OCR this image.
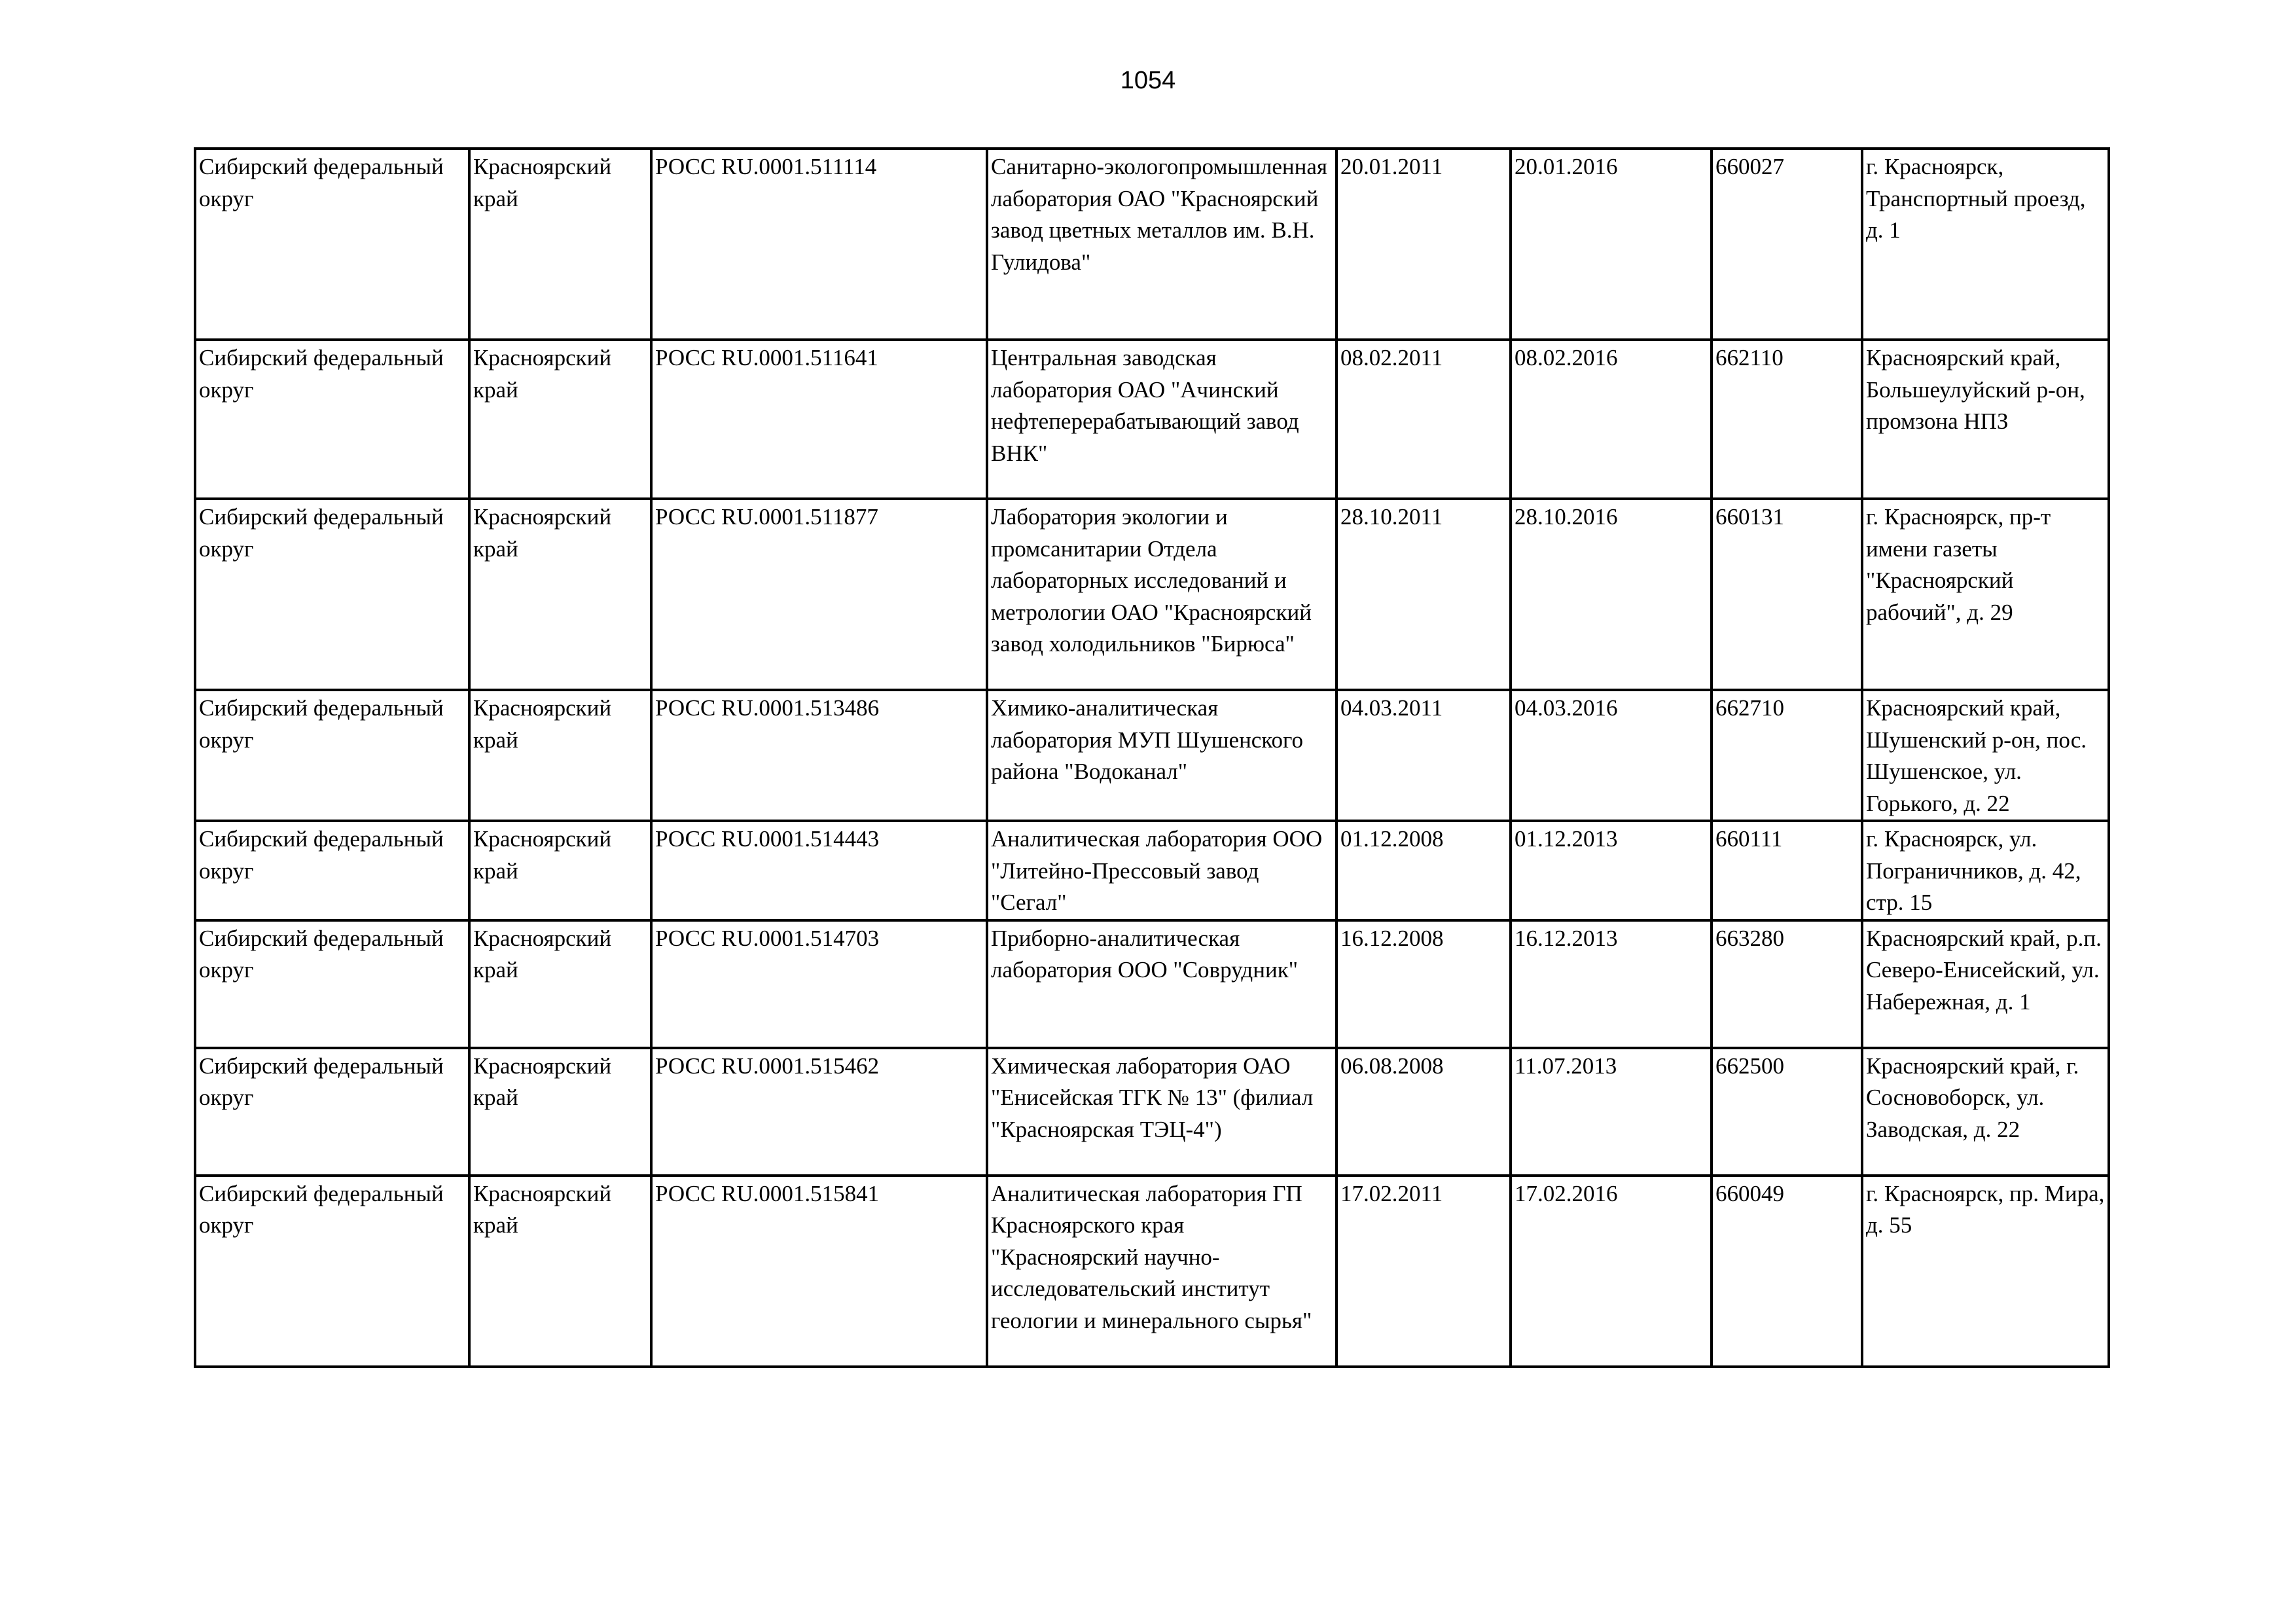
1054
Сибирский федеральный округ	Красноярский край	РОСС RU.0001.511114	Санитарно-экологопромышленная лаборатория ОАО "Красноярский завод цветных металлов им. В.Н. Гулидова"	20.01.2011	20.01.2016	660027	г. Красноярск, Транспортный проезд, д. 1
Сибирский федеральный округ	Красноярский край	РОСС RU.0001.511641	Центральная заводская лаборатория ОАО "Ачинский нефтеперерабатывающий завод ВНК"	08.02.2011	08.02.2016	662110	Красноярский край, Большеулуйский р-он, промзона НПЗ
Сибирский федеральный округ	Красноярский край	РОСС RU.0001.511877	Лаборатория экологии и промсанитарии Отдела лабораторных исследований и метрологии ОАО "Красноярский завод холодильников "Бирюса"	28.10.2011	28.10.2016	660131	г. Красноярск, пр-т имени газеты "Красноярский рабочий", д. 29
Сибирский федеральный округ	Красноярский край	РОСС RU.0001.513486	Химико-аналитическая лаборатория МУП Шушенского района "Водоканал"	04.03.2011	04.03.2016	662710	Красноярский край, Шушенский р-он, пос. Шушенское, ул. Горького, д. 22
Сибирский федеральный округ	Красноярский край	РОСС RU.0001.514443	Аналитическая лаборатория ООО "Литейно-Прессовый завод "Сегал"	01.12.2008	01.12.2013	660111	г. Красноярск, ул. Пограничников, д. 42, стр. 15
Сибирский федеральный округ	Красноярский край	РОСС RU.0001.514703	Приборно-аналитическая лаборатория ООО "Соврудник"	16.12.2008	16.12.2013	663280	Красноярский край, р.п. Северо-Енисейский, ул. Набережная, д. 1
Сибирский федеральный округ	Красноярский край	РОСС RU.0001.515462	Химическая лаборатория ОАО "Енисейская ТГК № 13" (филиал "Красноярская ТЭЦ-4")	06.08.2008	11.07.2013	662500	Красноярский край, г. Сосновоборск, ул. Заводская, д. 22
Сибирский федеральный округ	Красноярский край	РОСС RU.0001.515841	Аналитическая лаборатория ГП Красноярского края "Красноярский научно-исследовательский институт геологии и минерального сырья"	17.02.2011	17.02.2016	660049	г. Красноярск, пр. Мира, д. 55
